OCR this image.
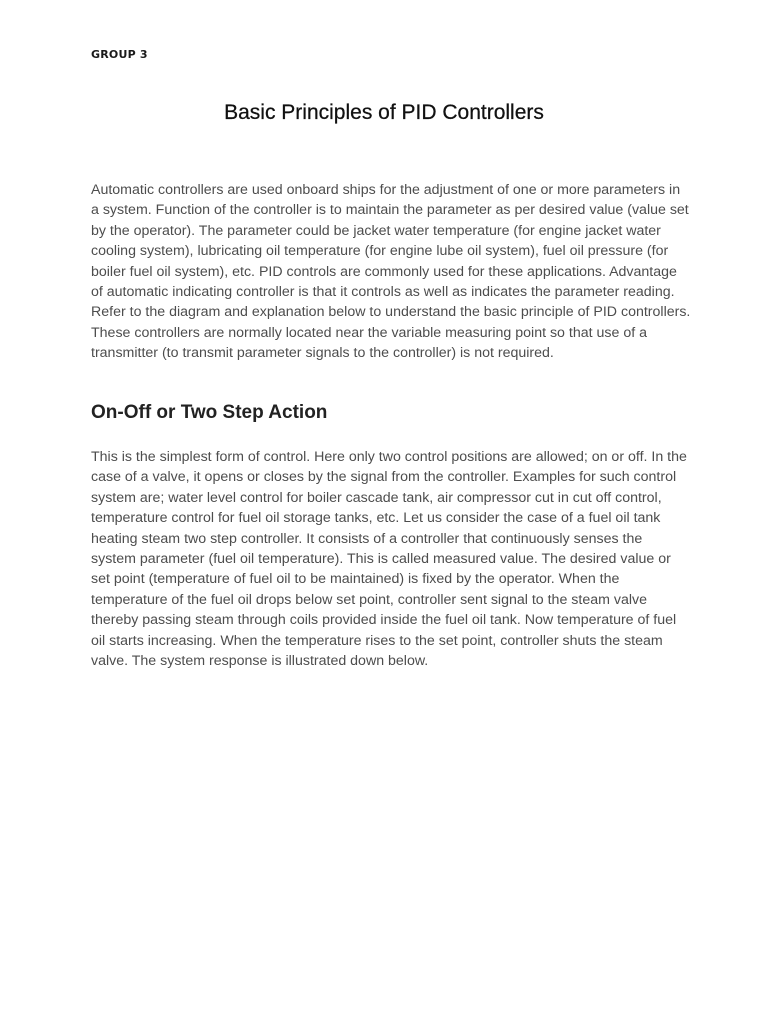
GROUP 3
Basic Principles of PID Controllers

Automatic controllers are used onboard ships for the adjustment of one or more parameters in a system. Function of the controller is to maintain the parameter as per desired value (value set by the operator). The parameter could be jacket water temperature (for engine jacket water cooling system), lubricating oil temperature (for engine lube oil system), fuel oil pressure (for boiler fuel oil system), etc. PID controls are commonly used for these applications. Advantage of automatic indicating controller is that it controls as well as indicates the parameter reading. Refer to the diagram and explanation below to understand the basic principle of PID controllers. These controllers are normally located near the variable measuring point so that use of a transmitter (to transmit parameter signals to the controller) is not required.

On-Off or Two Step Action

This is the simplest form of control. Here only two control positions are allowed; on or off. In the case of a valve, it opens or closes by the signal from the controller. Examples for such control system are; water level control for boiler cascade tank, air compressor cut in cut off control, temperature control for fuel oil storage tanks, etc. Let us consider the case of a fuel oil tank heating steam two step controller. It consists of a controller that continuously senses the system parameter (fuel oil temperature). This is called measured value. The desired value or set point (temperature of fuel oil to be maintained) is fixed by the operator. When the temperature of the fuel oil drops below set point, controller sent signal to the steam valve thereby passing steam through coils provided inside the fuel oil tank. Now temperature of fuel oil starts increasing. When the temperature rises to the set point, controller shuts the steam valve. The system response is illustrated down below.
